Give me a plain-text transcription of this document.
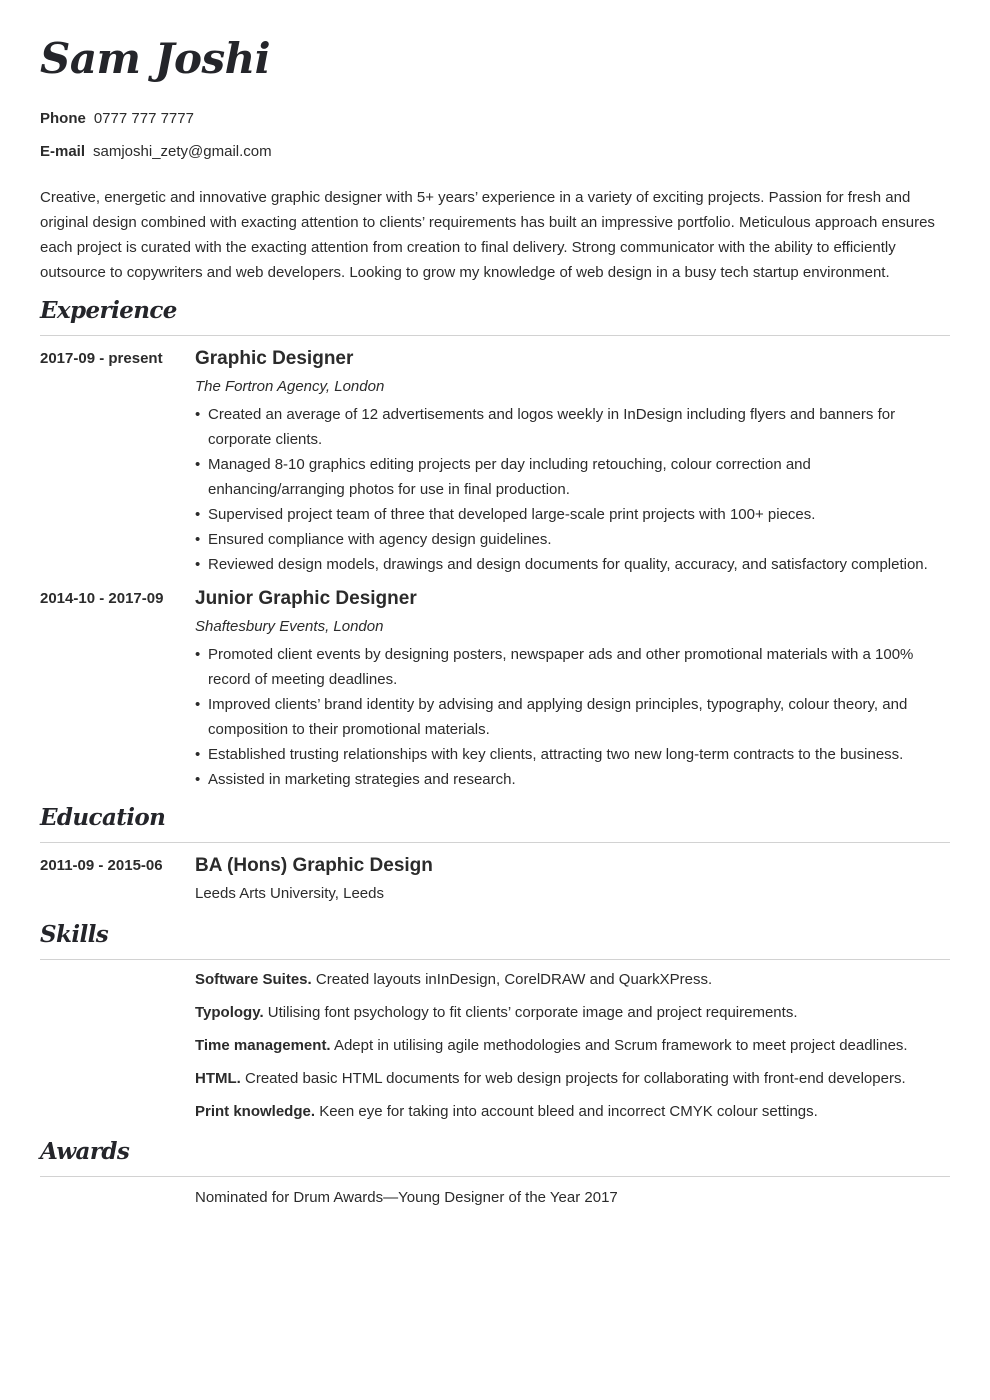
Sam Joshi
Phone 0777 777 7777
E-mail samjoshi_zety@gmail.com

Creative, energetic and innovative graphic designer with 5+ years’ experience in a variety of exciting projects. Passion for fresh and original design combined with exacting attention to clients’ requirements has built an impressive portfolio. Meticulous approach ensures each project is curated with the exacting attention from creation to final delivery. Strong communicator with the ability to efficiently outsource to copywriters and web developers. Looking to grow my knowledge of web design in a busy tech startup environment.

Experience
2017-09 - present Graphic Designer
The Fortron Agency, London
• Created an average of 12 advertisements and logos weekly in InDesign including flyers and banners for corporate clients.
• Managed 8-10 graphics editing projects per day including retouching, colour correction and enhancing/arranging photos for use in final production.
• Supervised project team of three that developed large-scale print projects with 100+ pieces.
• Ensured compliance with agency design guidelines.
• Reviewed design models, drawings and design documents for quality, accuracy, and satisfactory completion.
2014-10 - 2017-09 Junior Graphic Designer
Shaftesbury Events, London
• Promoted client events by designing posters, newspaper ads and other promotional materials with a 100% record of meeting deadlines.
• Improved clients’ brand identity by advising and applying design principles, typography, colour theory, and composition to their promotional materials.
• Established trusting relationships with key clients, attracting two new long-term contracts to the business.
• Assisted in marketing strategies and research.
Education
2011-09 - 2015-06 BA (Hons) Graphic Design
Leeds Arts University, Leeds
Skills
Software Suites. Created layouts inInDesign, CorelDRAW and QuarkXPress.
Typology. Utilising font psychology to fit clients’ corporate image and project requirements.
Time management. Adept in utilising agile methodologies and Scrum framework to meet project deadlines.
HTML. Created basic HTML documents for web design projects for collaborating with front-end developers.
Print knowledge. Keen eye for taking into account bleed and incorrect CMYK colour settings.
Awards
Nominated for Drum Awards—Young Designer of the Year 2017
